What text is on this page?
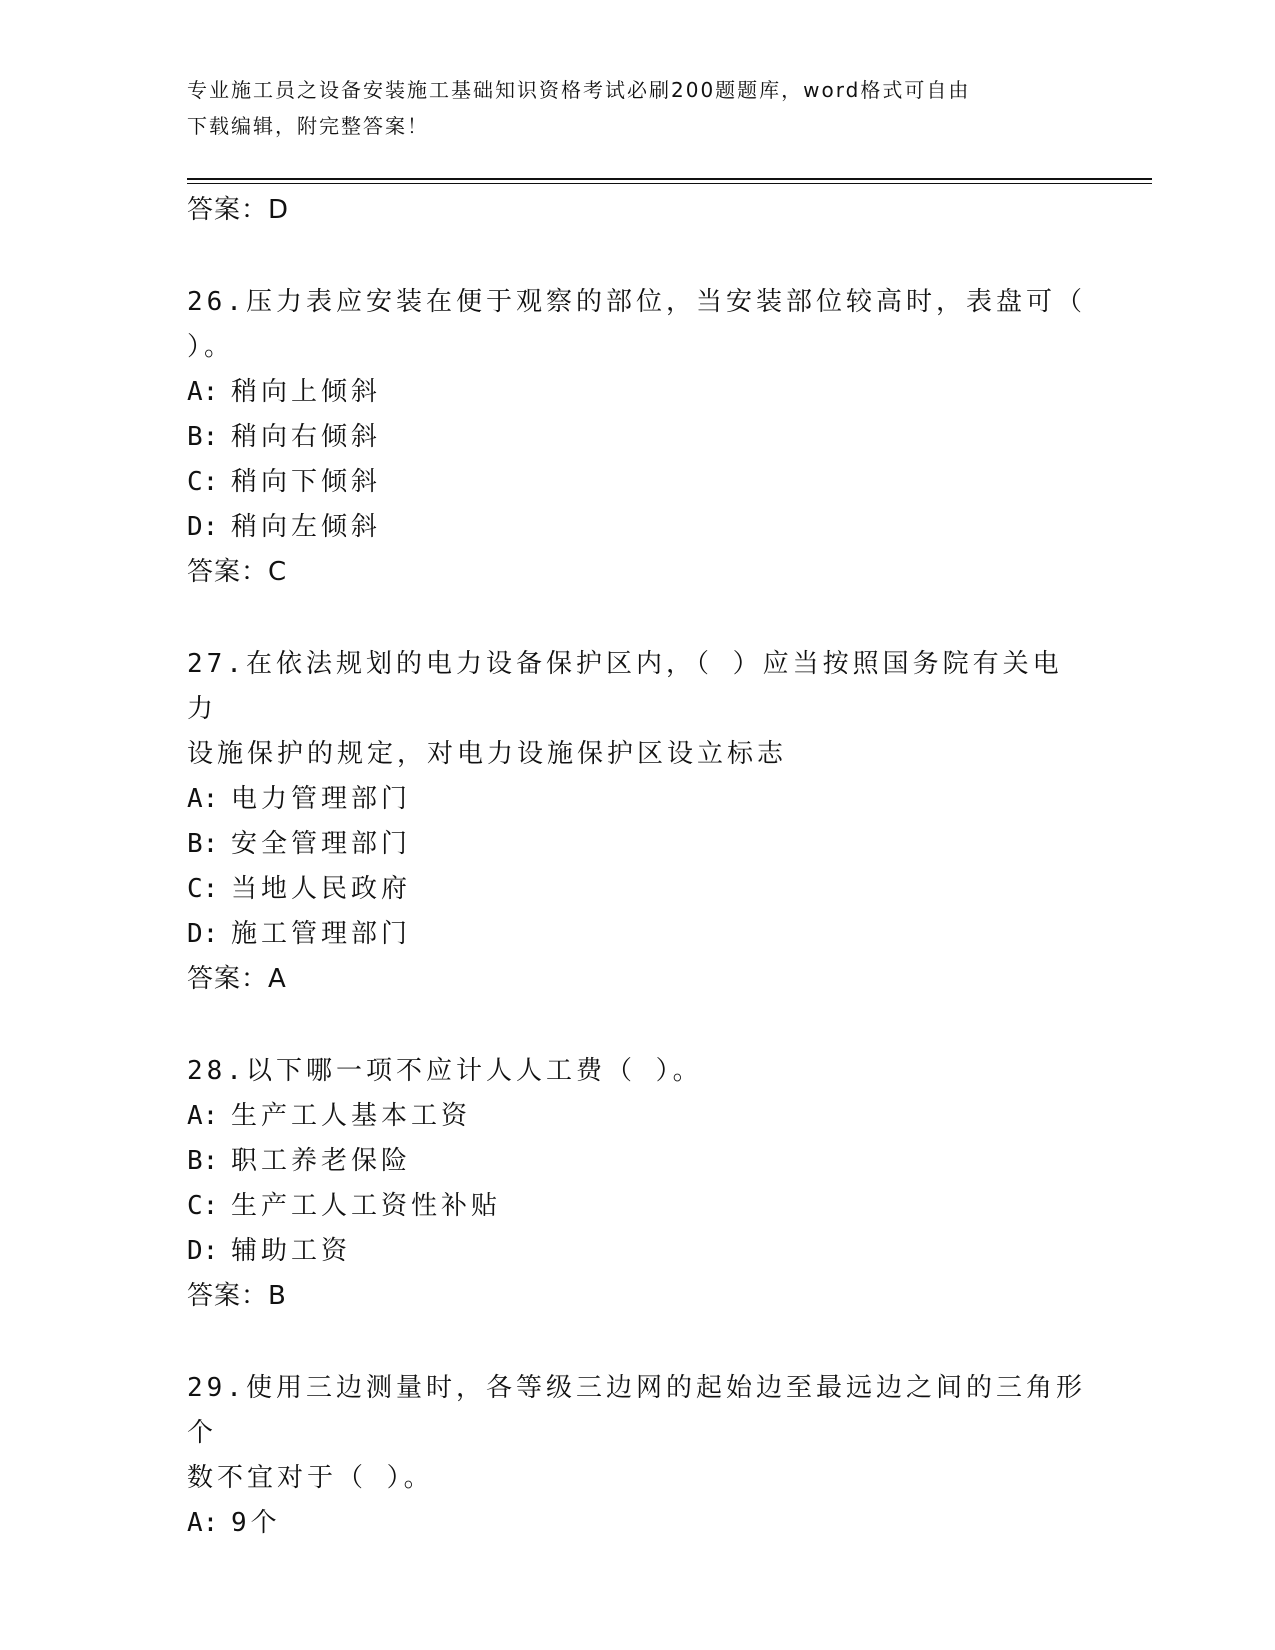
专业施工员之设备安装施工基础知识资格考试必刷200题题库，word格式可自由
下载编辑，附完整答案！
答案：D
26.压力表应安装在便于观察的部位，当安装部位较高时，表盘可（
）。
A: 稍向上倾斜
B: 稍向右倾斜
C: 稍向下倾斜
D: 稍向左倾斜
答案：C
27.在依法规划的电力设备保护区内，（ ）应当按照国务院有关电力
设施保护的规定，对电力设施保护区设立标志
A: 电力管理部门
B: 安全管理部门
C: 当地人民政府
D: 施工管理部门
答案：A
28.以下哪一项不应计人人工费（ ）。
A: 生产工人基本工资
B: 职工养老保险
C: 生产工人工资性补贴
D: 辅助工资
答案：B
29.使用三边测量时，各等级三边网的起始边至最远边之间的三角形个
数不宜对于（ ）。
A: 9个
